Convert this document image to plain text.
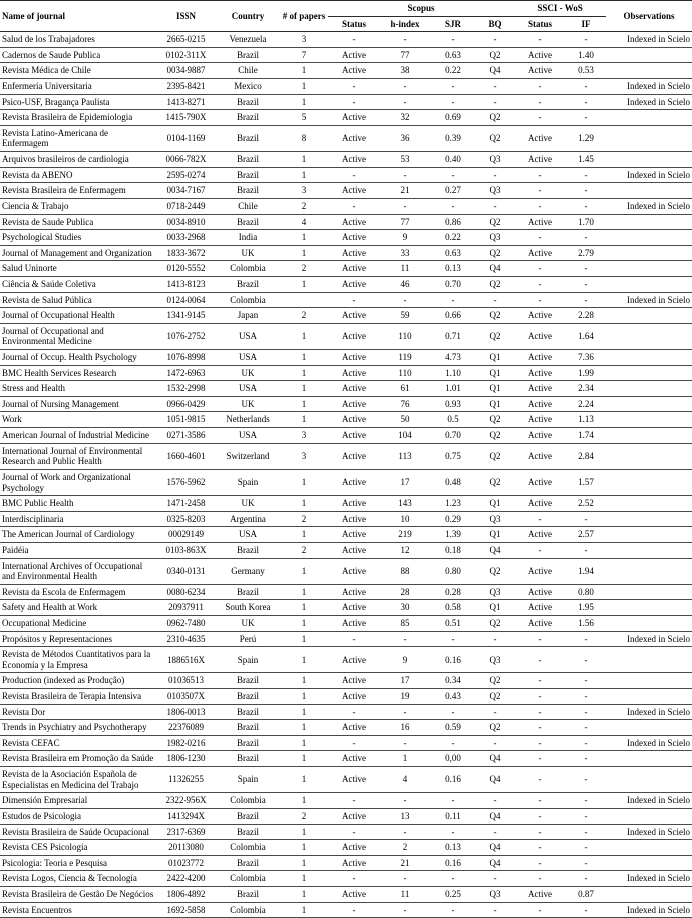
Name of journal	ISSN	Country	# of papers	Scopus				SSCI - WoS		Observations
				Status	h-index	SJR	BQ	Status	IF	
Salud de los Trabajadores	2665-0215	Venezuela	3	-	-	-	-	-	-	Indexed in Scielo
Cadernos de Saude Publica	0102-311X	Brazil	7	Active	77	0.63	Q2	Active	1.40	
Revista Médica de Chile	0034-9887	Chile	1	Active	38	0.22	Q4	Active	0.53	
Enfermería Universitaria	2395-8421	Mexico	1	-	-	-	-	-	-	Indexed in Scielo
Psico-USF, Bragança Paulista	1413-8271	Brazil	1	-	-	-	-	-	-	Indexed in Scielo
Revista Brasileira de Epidemiologia	1415-790X	Brazil	5	Active	32	0.69	Q2	-	-	
Revista Latino-Americana de Enfermagem	0104-1169	Brazil	8	Active	36	0.39	Q2	Active	1.29	
Arquivos brasileiros de cardiologia	0066-782X	Brazil	1	Active	53	0.40	Q3	Active	1.45	
Revista da ABENO	2595-0274	Brazil	1	-	-	-	-	-	-	Indexed in Scielo
Revista Brasileira de Enfermagem	0034-7167	Brazil	3	Active	21	0.27	Q3	-	-	
Ciencia & Trabajo	0718-2449	Chile	2	-	-	-	-	-	-	Indexed in Scielo
Revista de Saude Publica	0034-8910	Brazil	4	Active	77	0.86	Q2	Active	1.70	
Psychological Studies	0033-2968	India	1	Active	9	0.22	Q3	-	-	
Journal of Management and Organization	1833-3672	UK	1	Active	33	0.63	Q2	Active	2.79	
Salud Uninorte	0120-5552	Colombia	2	Active	11	0.13	Q4	-	-	
Ciência & Saúde Coletiva	1413-8123	Brazil	1	Active	46	0.70	Q2	-	-	
Revista de Salud Pública	0124-0064	Colombia		-	-	-	-	-	-	Indexed in Scielo
Journal of Occupational Health	1341-9145	Japan	2	Active	59	0.66	Q2	Active	2.28	
Journal of Occupational and Environmental Medicine	1076-2752	USA	1	Active	110	0.71	Q2	Active	1.64	
Journal of Occup. Health Psychology	1076-8998	USA	1	Active	119	4.73	Q1	Active	7.36	
BMC Health Services Research	1472-6963	UK	1	Active	110	1.10	Q1	Active	1.99	
Stress and Health	1532-2998	USA	1	Active	61	1.01	Q1	Active	2.34	
Journal of Nursing Management	0966-0429	UK	1	Active	76	0.93	Q1	Active	2.24	
Work	1051-9815	Netherlands	1	Active	50	0.5	Q2	Active	1.13	
American Journal of Industrial Medicine	0271-3586	USA	3	Active	104	0.70	Q2	Active	1.74	
International Journal of Environmental Research and Public Health	1660-4601	Switzerland	3	Active	113	0.75	Q2	Active	2.84	
Journal of Work and Organizational Psychology	1576-5962	Spain	1	Active	17	0.48	Q2	Active	1.57	
BMC Public Health	1471-2458	UK	1	Active	143	1.23	Q1	Active	2.52	
Interdisciplinaria	0325-8203	Argentina	2	Active	10	0.29	Q3	-	-	
The American Journal of Cardiology	00029149	USA	1	Active	219	1.39	Q1	Active	2.57	
Paidéia	0103-863X	Brazil	2	Active	12	0.18	Q4	-	-	
International Archives of Occupational and Environmental Health	0340-0131	Germany	1	Active	88	0.80	Q2	Active	1.94	
Revista da Escola de Enfermagem	0080-6234	Brazil	1	Active	28	0.28	Q3	Active	0.80	
Safety and Health at Work	20937911	South Korea	1	Active	30	0.58	Q1	Active	1.95	
Occupational Medicine	0962-7480	UK	1	Active	85	0.51	Q2	Active	1.56	
Propósitos y Representaciones	2310-4635	Perú	1	-	-	-	-	-	-	Indexed in Scielo
Revista de Métodos Cuantitativos para la Economía y la Empresa	1886516X	Spain	1	Active	9	0.16	Q3	-	-	
Production (indexed as Produção)	01036513	Brazil	1	Active	17	0.34	Q2	-	-	
Revista Brasileira de Terapia Intensiva	0103507X	Brazil	1	Active	19	0.43	Q2	-	-	
Revista Dor	1806-0013	Brazil	1	-	-	-	-	-	-	Indexed in Scielo
Trends in Psychiatry and Psychotherapy	22376089	Brazil	1	Active	16	0.59	Q2	-	-	
Revista CEFAC	1982-0216	Brazil	1	-	-	-	-	-	-	Indexed in Scielo
Revista Brasileira em Promoção da Saúde	1806-1230	Brazil	1	Active	1	0,00	Q4	-	-	
Revista de la Asociación Española de Especialistas en Medicina del Trabajo	11326255	Spain	1	Active	4	0.16	Q4	-	-	
Dimensión Empresarial	2322-956X	Colombia	1	-	-	-	-	-	-	Indexed in Scielo
Estudos de Psicologia	1413294X	Brazil	2	Active	13	0.11	Q4	-	-	
Revista Brasileira de Saúde Ocupacional	2317-6369	Brazil	1	-	-	-	-	-	-	Indexed in Scielo
Revista CES Psicología	20113080	Colombia	1	Active	2	0.13	Q4	-	-	
Psicologia: Teoria e Pesquisa	01023772	Brazil	1	Active	21	0.16	Q4	-	-	
Revista Logos, Ciencia & Tecnología	2422-4200	Colombia	1	-	-	-	-	-	-	Indexed in Scielo
Revista Brasileira de Gestão De Negócios	1806-4892	Brazil	1	Active	11	0.25	Q3	Active	0.87	
Revista Encuentros	1692-5858	Colombia	1	-	-	-	-	-	-	Indexed in Scielo
